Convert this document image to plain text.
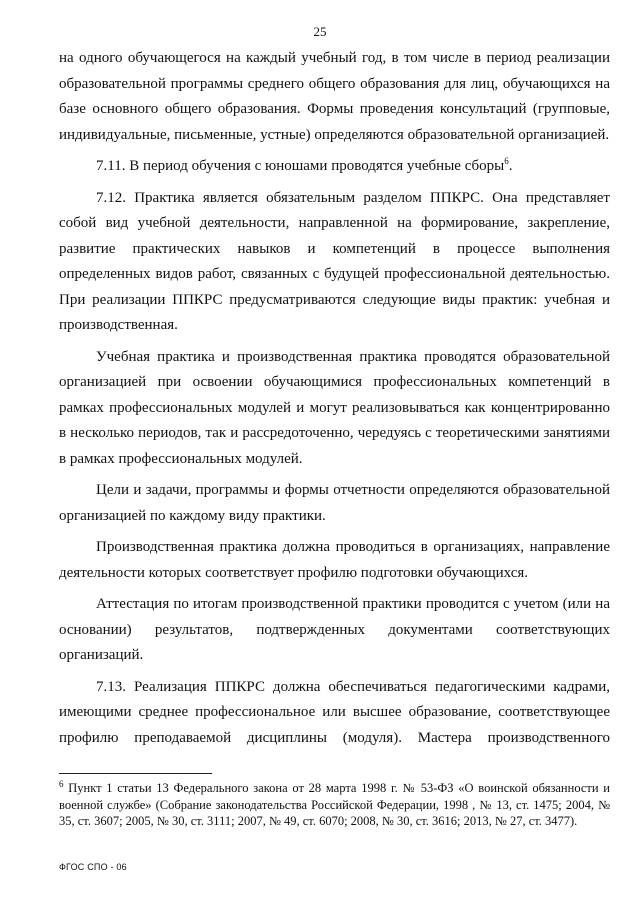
25

на одного обучающегося на каждый учебный год, в том числе в период реализации образовательной программы среднего общего образования для лиц, обучающихся на базе основного общего образования. Формы проведения консультаций (групповые, индивидуальные, письменные, устные) определяются образовательной организацией.

7.11. В период обучения с юношами проводятся учебные сборы$^6$.

7.12. Практика является обязательным разделом ППКРС. Она представляет собой вид учебной деятельности, направленной на формирование, закрепление, развитие практических навыков и компетенций в процессе выполнения определенных видов работ, связанных с будущей профессиональной деятельностью. При реализации ППКРС предусматриваются следующие виды практик: учебная и производственная.

Учебная практика и производственная практика проводятся образовательной организацией при освоении обучающимися профессиональных компетенций в рамках профессиональных модулей и могут реализовываться как концентрированно в несколько периодов, так и рассредоточенно, чередуясь с теоретическими занятиями в рамках профессиональных модулей.

Цели и задачи, программы и формы отчетности определяются образовательной организацией по каждому виду практики.

Производственная практика должна проводиться в организациях, направление деятельности которых соответствует профилю подготовки обучающихся.

Аттестация по итогам производственной практики проводится с учетом (или на основании) результатов, подтвержденных документами соответствующих организаций.

7.13. Реализация ППКРС должна обеспечиваться педагогическими кадрами, имеющими среднее профессиональное или высшее образование, соответствующее профилю преподаваемой дисциплины (модуля). Мастера производственного

$^6$ Пункт 1 статьи 13 Федерального закона от 28 марта 1998 г. № 53-ФЗ «О воинской обязанности и военной службе» (Собрание законодательства Российской Федерации, 1998 , № 13, ст. 1475; 2004, № 35, ст. 3607; 2005, № 30, ст. 3111; 2007, № 49, ст. 6070; 2008, № 30, ст. 3616; 2013, № 27, ст. 3477).
ФГОС СПО - 06
